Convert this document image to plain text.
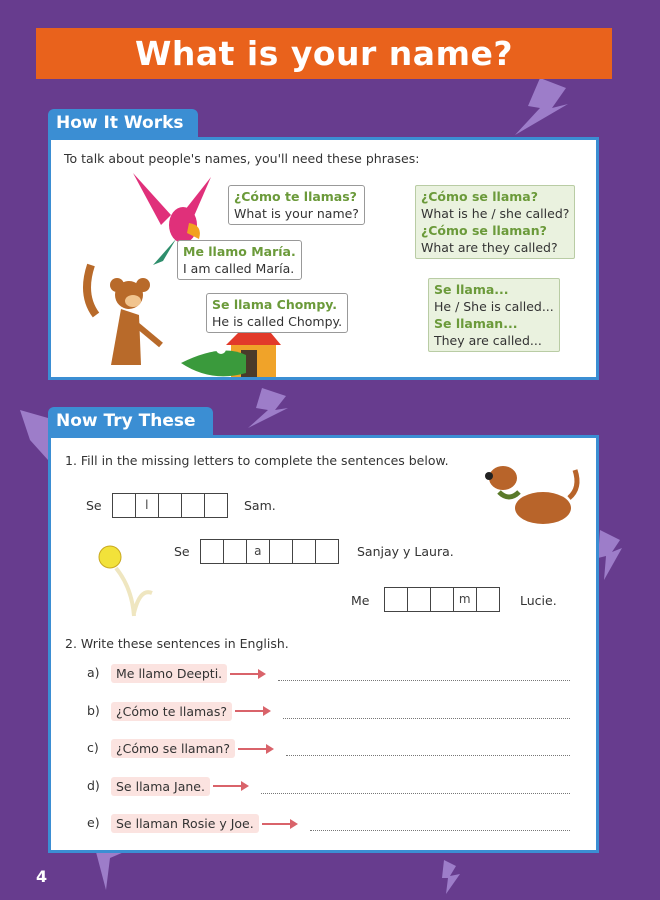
What is your name?
How It Works
To talk about people's names, you'll need these phrases:
¿Cómo te llamas?
What is your name?
Me llamo María.
I am called María.
Se llama Chompy.
He is called Chompy.
¿Cómo se llama?
What is he / she called?
¿Cómo se llaman?
What are they called?
Se llama...
He / She is called...
Se llaman...
They are called...
Now Try These
1. Fill in the missing letters to complete the sentences below.
Se	l	Sam.
Se	a	Sanjay y Laura.
Me	m	Lucie.
2. Write these sentences in English.
a)	Me llamo Deepti.
b)	¿Cómo te llamas?
c)	¿Cómo se llaman?
d)	Se llama Jane.
e)	Se llaman Rosie y Joe.
4
